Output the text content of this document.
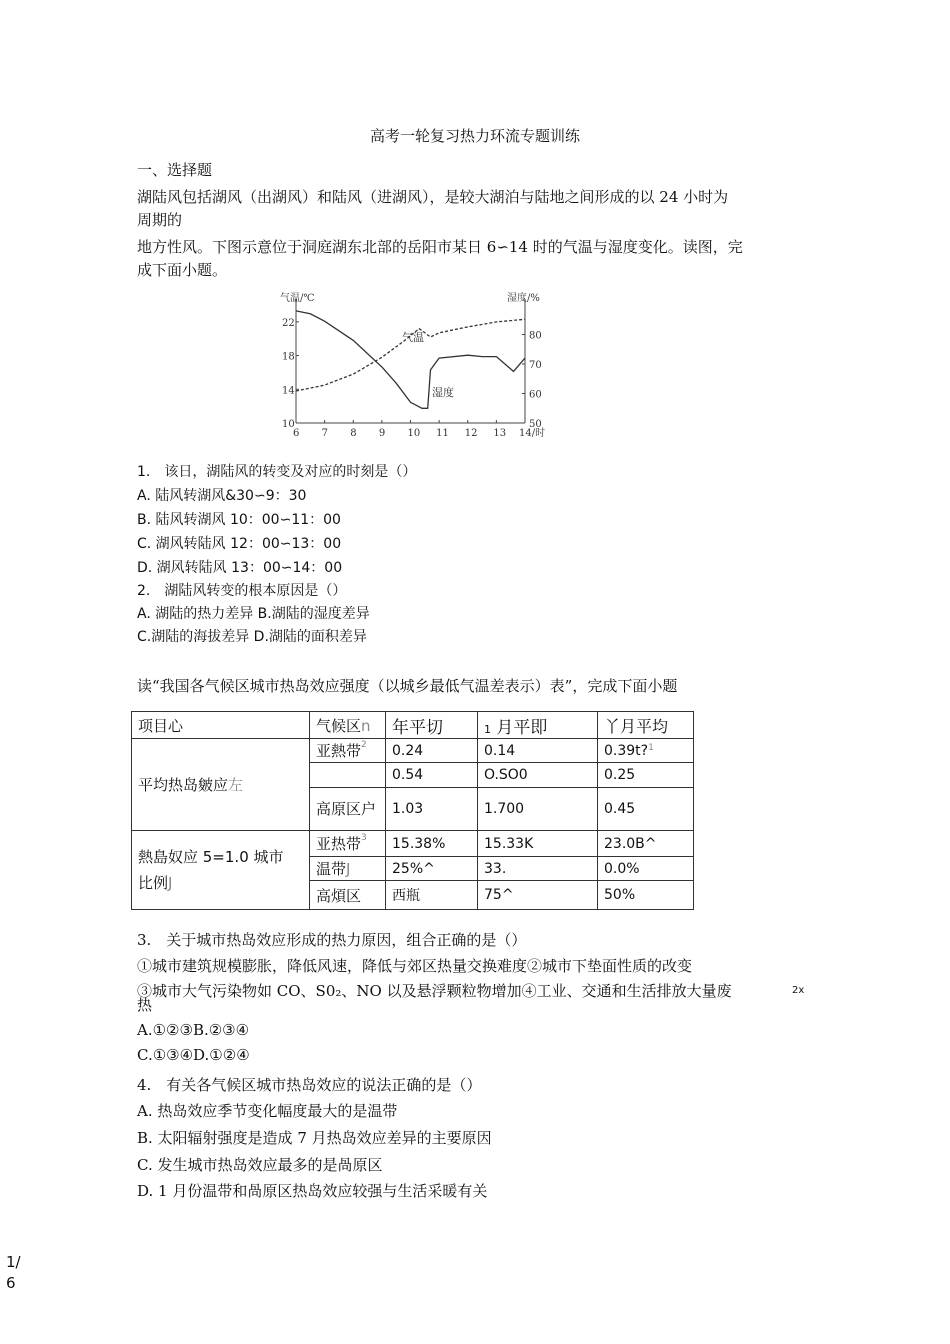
高考一轮复习热力环流专题训练
一、选择题
湖陆风包括湖风（出湖风）和陆风（进湖风），是较大湖泊与陆地之间形成的以 24 小时为
周期的
地方性风。下图示意位于洞庭湖东北部的岳阳市某日 6∽14 时的气温与湿度变化。读图，完
成下面小题。
气温/℃	湿度/%
6 7 8 9 10 11 12 13 14/时
10
14
18
22
50
60
70
80
气温
湿度
1.　该日，湖陆风的转变及对应的时刻是（）
A. 陆风转湖风&30∽9：30
B. 陆风转湖风 10：00∽11：00
C. 湖风转陆风 12：00∽13：00
D. 湖风转陆风 13：00∽14：00
2.　湖陆风转变的根本原因是（）
A. 湖陆的热力差异 B.湖陆的湿度差异
C.湖陆的海拔差异 D.湖陆的面积差异
读“我国各气候区城市热岛效应强度（以城乡最低气温差表示）表”，完成下面小题
项目心	气候区n	年平切	1 月平即	丫月平均
平均热岛皴应左	亚熱带$^2$	0.24	0.14	0.39t?$^1$
		0.54	O.SO0	0.25
	高原区户	1.03	1.700	0.45

熱島奴应 5=1.0 城市
比例J	亚热带$^3$	15.38%	15.33K	23.0B^
	温带J	25%^	33.	0.0%
	高煩区	西瓶	75^	50%
3.　关于城市热岛效应形成的热力原因，组合正确的是（）
①城市建筑规模膨胀，降低风速，降低与郊区热量交换难度②城市下垫面性质的改变
③城市大气污染物如 CO、S0₂、NO 以及悬浮颗粒物增加④工业、交通和生活排放大量废	2x
热
A.①②③B.②③④
C.①③④D.①②④
4.　有关各气候区城市热岛效应的说法正确的是（）
A. 热岛效应季节变化幅度最大的是温带
B. 太阳辐射强度是造成 7 月热岛效应差异的主要原因
C. 发生城市热岛效应最多的是咼原区
D. 1 月份温带和咼原区热岛效应较强与生活采暖有关
1/
6
